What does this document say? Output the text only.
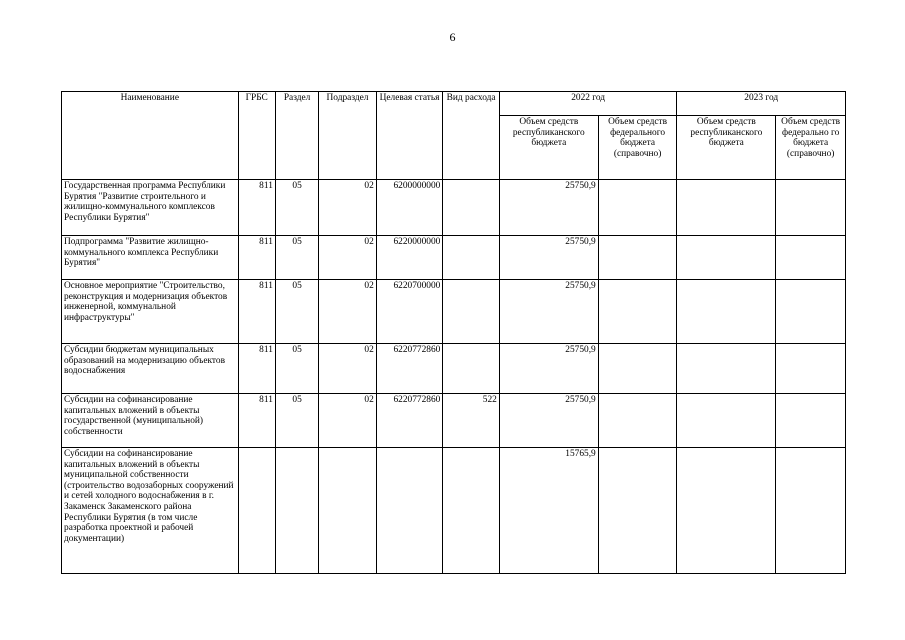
6
Наименование	ГРБС	Раздел	Подраздел	Целевая статья	Вид расхода	2022 год		2023 год	
						Объем средств республиканского бюджета	Объем средств федерального бюджета (справочно)	Объем средств республиканского бюджета	Объем средств федерально го бюджета (справочно)
Государственная программа Республики Бурятия "Развитие строительного и жилищно-коммунального комплексов Республики Бурятия"	811	05	02	6200000000		25750,9			
Подпрограмма "Развитие жилищно-коммунального комплекса Республики Бурятия"	811	05	02	6220000000		25750,9			
Основное мероприятие "Строительство, реконструкция и модернизация объектов инженерной, коммунальной инфраструктуры"	811	05	02	6220700000		25750,9			
Субсидии бюджетам муниципальных образований на модернизацию объектов водоснабжения	811	05	02	6220772860		25750,9			
Субсидии на софинансирование капитальных вложений в объекты государственной (муниципальной) собственности	811	05	02	6220772860	522	25750,9			
Субсидии на софинансирование капитальных вложений в объекты муниципальной собственности (строительство водозаборных сооружений и сетей холодного водоснабжения в г. Закаменск Закаменского района Республики Бурятия (в том числе разработка проектной и рабочей документации)						15765,9			
